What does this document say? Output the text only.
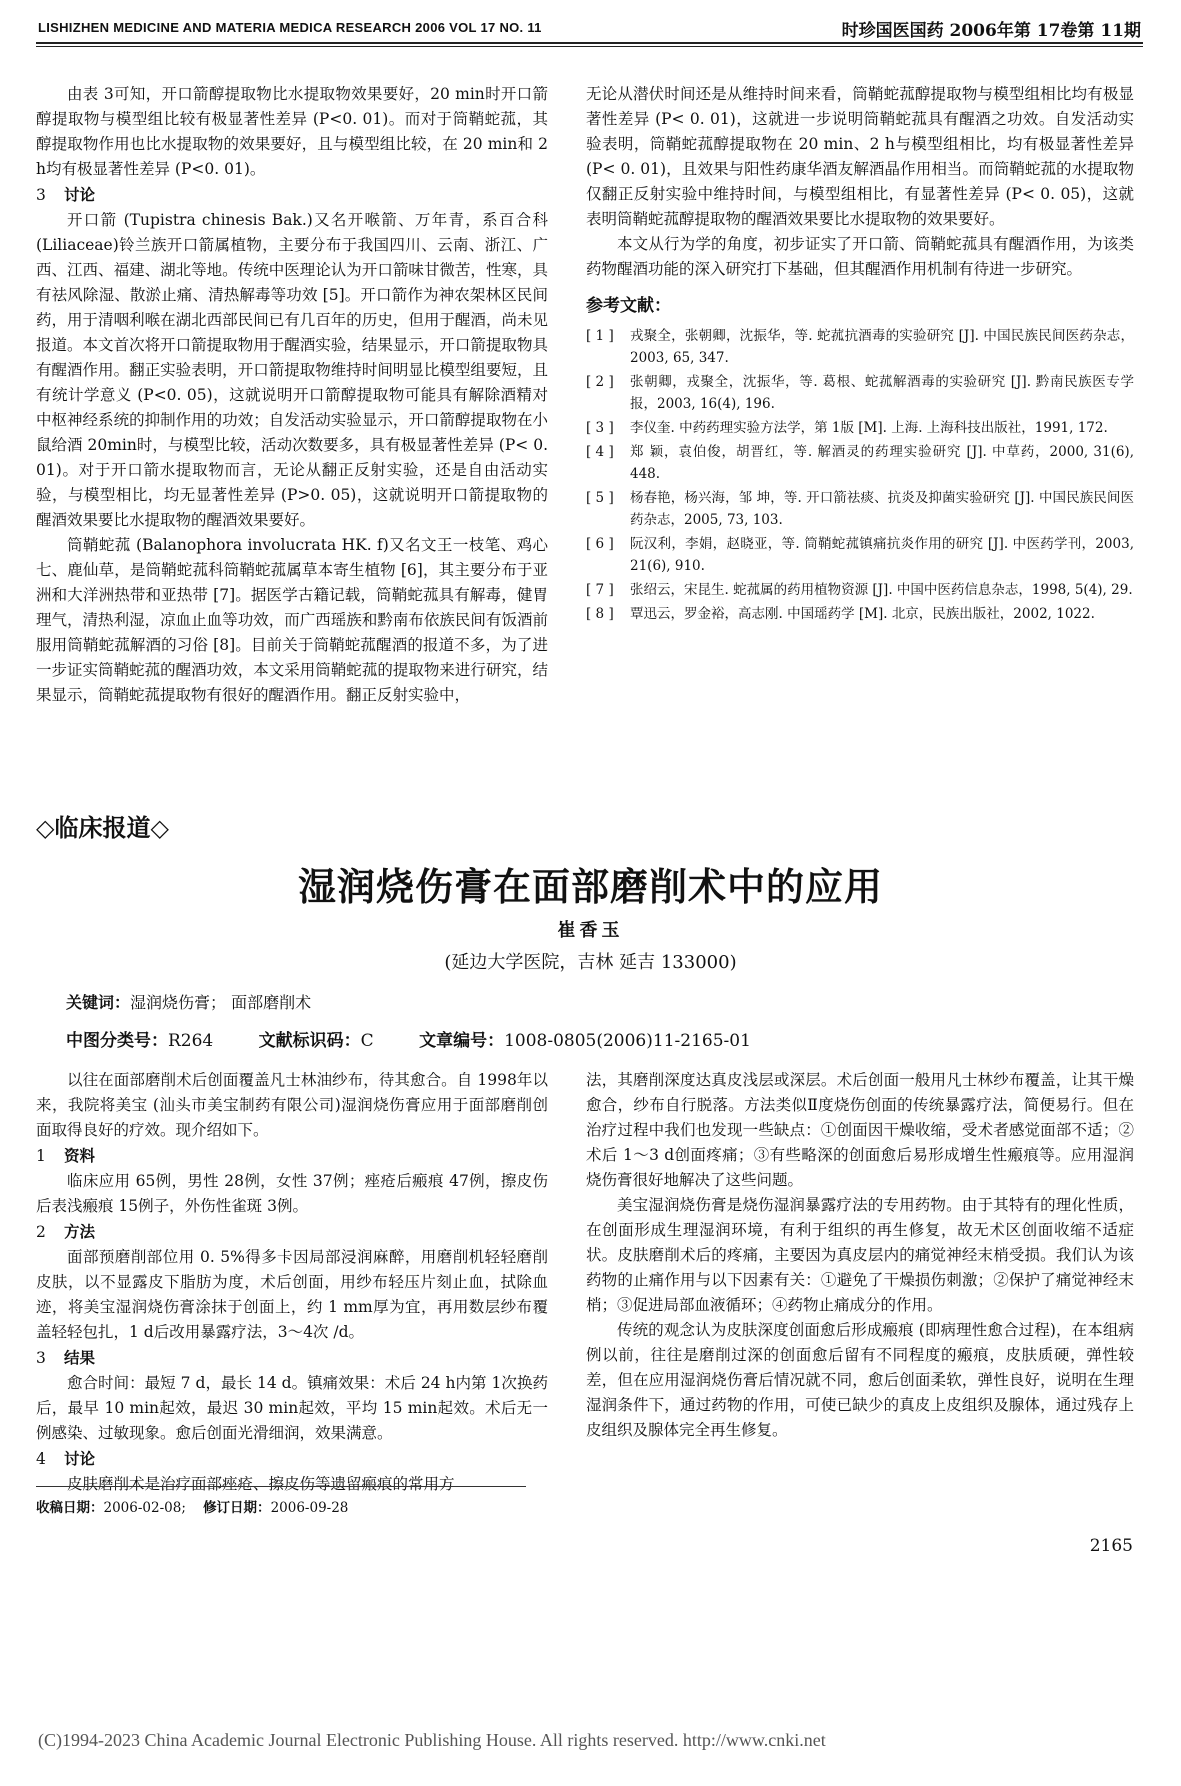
LISHIZHEN MEDICINE AND MATERIA MEDICA RESEARCH 2006 VOL 17 NO. 11	时珍国医国药 2006年第 17卷第 11期

由表 3可知，开口箭醇提取物比水提取物效果要好，20 min时开口箭醇提取物与模型组比较有极显著性差异 (P<0. 01)。而对于筒鞘蛇菰，其醇提取物作用也比水提取物的效果要好，且与模型组比较，在 20 min和 2 h均有极显著性差异 (P<0. 01)。

3 讨论

开口箭 (Tupistra chinesis Bak.)又名开喉箭、万年青，系百合科 (Liliaceae)铃兰族开口箭属植物，主要分布于我国四川、云南、浙江、广西、江西、福建、湖北等地。传统中医理论认为开口箭味甘微苦，性寒，具有祛风除湿、散淤止痛、清热解毒等功效 [5]。开口箭作为神农架林区民间药，用于清咽利喉在湖北西部民间已有几百年的历史，但用于醒酒，尚未见报道。本文首次将开口箭提取物用于醒酒实验，结果显示，开口箭提取物具有醒酒作用。翻正实验表明，开口箭提取物维持时间明显比模型组要短，且有统计学意义 (P<0. 05)，这就说明开口箭醇提取物可能具有解除酒精对中枢神经系统的抑制作用的功效；自发活动实验显示，开口箭醇提取物在小鼠给酒 20min时，与模型比较，活动次数要多，具有极显著性差异 (P< 0. 01)。对于开口箭水提取物而言，无论从翻正反射实验，还是自由活动实验，与模型相比，均无显著性差异 (P>0. 05)，这就说明开口箭提取物的醒酒效果要比水提取物的醒酒效果要好。

筒鞘蛇菰 (Balanophora involucrata HK. f)又名文王一枝笔、鸡心七、鹿仙草，是筒鞘蛇菰科筒鞘蛇菰属草本寄生植物 [6]，其主要分布于亚洲和大洋洲热带和亚热带 [7]。据医学古籍记载，筒鞘蛇菰具有解毒，健胃理气，清热利湿，凉血止血等功效，而广西瑶族和黔南布依族民间有饭酒前服用筒鞘蛇菰解酒的习俗 [8]。目前关于筒鞘蛇菰醒酒的报道不多，为了进一步证实筒鞘蛇菰的醒酒功效，本文采用筒鞘蛇菰的提取物来进行研究，结果显示，筒鞘蛇菰提取物有很好的醒酒作用。翻正反射实验中，

无论从潜伏时间还是从维持时间来看，筒鞘蛇菰醇提取物与模型组相比均有极显著性差异 (P< 0. 01)，这就进一步说明筒鞘蛇菰具有醒酒之功效。自发活动实验表明，筒鞘蛇菰醇提取物在 20 min、2 h与模型组相比，均有极显著性差异 (P< 0. 01)，且效果与阳性药康华酒友解酒晶作用相当。而筒鞘蛇菰的水提取物仅翻正反射实验中维持时间，与模型组相比，有显著性差异 (P< 0. 05)，这就表明筒鞘蛇菰醇提取物的醒酒效果要比水提取物的效果要好。

本文从行为学的角度，初步证实了开口箭、筒鞘蛇菰具有醒酒作用，为该类药物醒酒功能的深入研究打下基础，但其醒酒作用机制有待进一步研究。

参考文献：
[ 1 ]	戎聚全，张朝卿，沈振华，等. 蛇菰抗酒毒的实验研究 [J]. 中国民族民间医药杂志，2003, 65, 347.
[ 2 ]	张朝卿，戎聚全，沈振华，等. 葛根、蛇菰解酒毒的实验研究 [J]. 黔南民族医专学报，2003, 16(4), 196.
[ 3 ]	李仪奎. 中药药理实验方法学，第 1版 [M]. 上海. 上海科技出版社，1991, 172.
[ 4 ]	郑 颖，袁伯俊，胡晋红，等. 解酒灵的药理实验研究 [J]. 中草药，2000, 31(6), 448.
[ 5 ]	杨春艳，杨兴海，邹 坤，等. 开口箭祛痰、抗炎及抑菌实验研究 [J]. 中国民族民间医药杂志，2005, 73, 103.
[ 6 ]	阮汉利，李娟，赵晓亚，等. 筒鞘蛇菰镇痛抗炎作用的研究 [J]. 中医药学刊，2003, 21(6), 910.
[ 7 ]	张绍云，宋昆生. 蛇菰属的药用植物资源 [J]. 中国中医药信息杂志，1998, 5(4), 29.
[ 8 ]	覃迅云，罗金裕，高志刚. 中国瑶药学 [M]. 北京，民族出版社，2002, 1022.
◇临床报道◇
湿润烧伤膏在面部磨削术中的应用
崔香玉
(延边大学医院，吉林 延吉 133000)
关键词：湿润烧伤膏； 面部磨削术
中图分类号：R264	文献标识码：C	文章编号：1008-0805(2006)11-2165-01

以往在面部磨削术后创面覆盖凡士林油纱布，待其愈合。自 1998年以来，我院将美宝 (汕头市美宝制药有限公司)湿润烧伤膏应用于面部磨削创面取得良好的疗效。现介绍如下。

1 资料

临床应用 65例，男性 28例，女性 37例；痤疮后瘢痕 47例，擦皮伤后表浅瘢痕 15例子，外伤性雀斑 3例。

2 方法

面部预磨削部位用 0. 5%得多卡因局部浸润麻醉，用磨削机轻轻磨削皮肤，以不显露皮下脂肪为度，术后创面，用纱布轻压片刻止血，拭除血迹，将美宝湿润烧伤膏涂抹于创面上，约 1 mm厚为宜，再用数层纱布覆盖轻轻包扎，1 d后改用暴露疗法，3～4次 /d。

3 结果

愈合时间：最短 7 d，最长 14 d。镇痛效果：术后 24 h内第 1次换药后，最早 10 min起效，最迟 30 min起效，平均 15 min起效。术后无一例感染、过敏现象。愈后创面光滑细润，效果满意。

4 讨论

皮肤磨削术是治疗面部痤疮、擦皮伤等遗留瘢痕的常用方

法，其磨削深度达真皮浅层或深层。术后创面一般用凡士林纱布覆盖，让其干燥愈合，纱布自行脱落。方法类似Ⅱ度烧伤创面的传统暴露疗法，简便易行。但在治疗过程中我们也发现一些缺点：①创面因干燥收缩，受术者感觉面部不适；②术后 1～3 d创面疼痛；③有些略深的创面愈后易形成增生性瘢痕等。应用湿润烧伤膏很好地解决了这些问题。

美宝湿润烧伤膏是烧伤湿润暴露疗法的专用药物。由于其特有的理化性质，在创面形成生理湿润环境，有利于组织的再生修复，故无术区创面收缩不适症状。皮肤磨削术后的疼痛，主要因为真皮层内的痛觉神经末梢受损。我们认为该药物的止痛作用与以下因素有关：①避免了干燥损伤刺激；②保护了痛觉神经末梢；③促进局部血液循环；④药物止痛成分的作用。

传统的观念认为皮肤深度创面愈后形成瘢痕 (即病理性愈合过程)，在本组病例以前，往往是磨削过深的创面愈后留有不同程度的瘢痕，皮肤质硬，弹性较差，但在应用湿润烧伤膏后情况就不同，愈后创面柔软，弹性良好，说明在生理湿润条件下，通过药物的作用，可使已缺少的真皮上皮组织及腺体，通过残存上皮组织及腺体完全再生修复。

收稿日期：2006-02-08; 修订日期：2006-09-28
2165
(C)1994-2023 China Academic Journal Electronic Publishing House. All rights reserved. http://www.cnki.net
